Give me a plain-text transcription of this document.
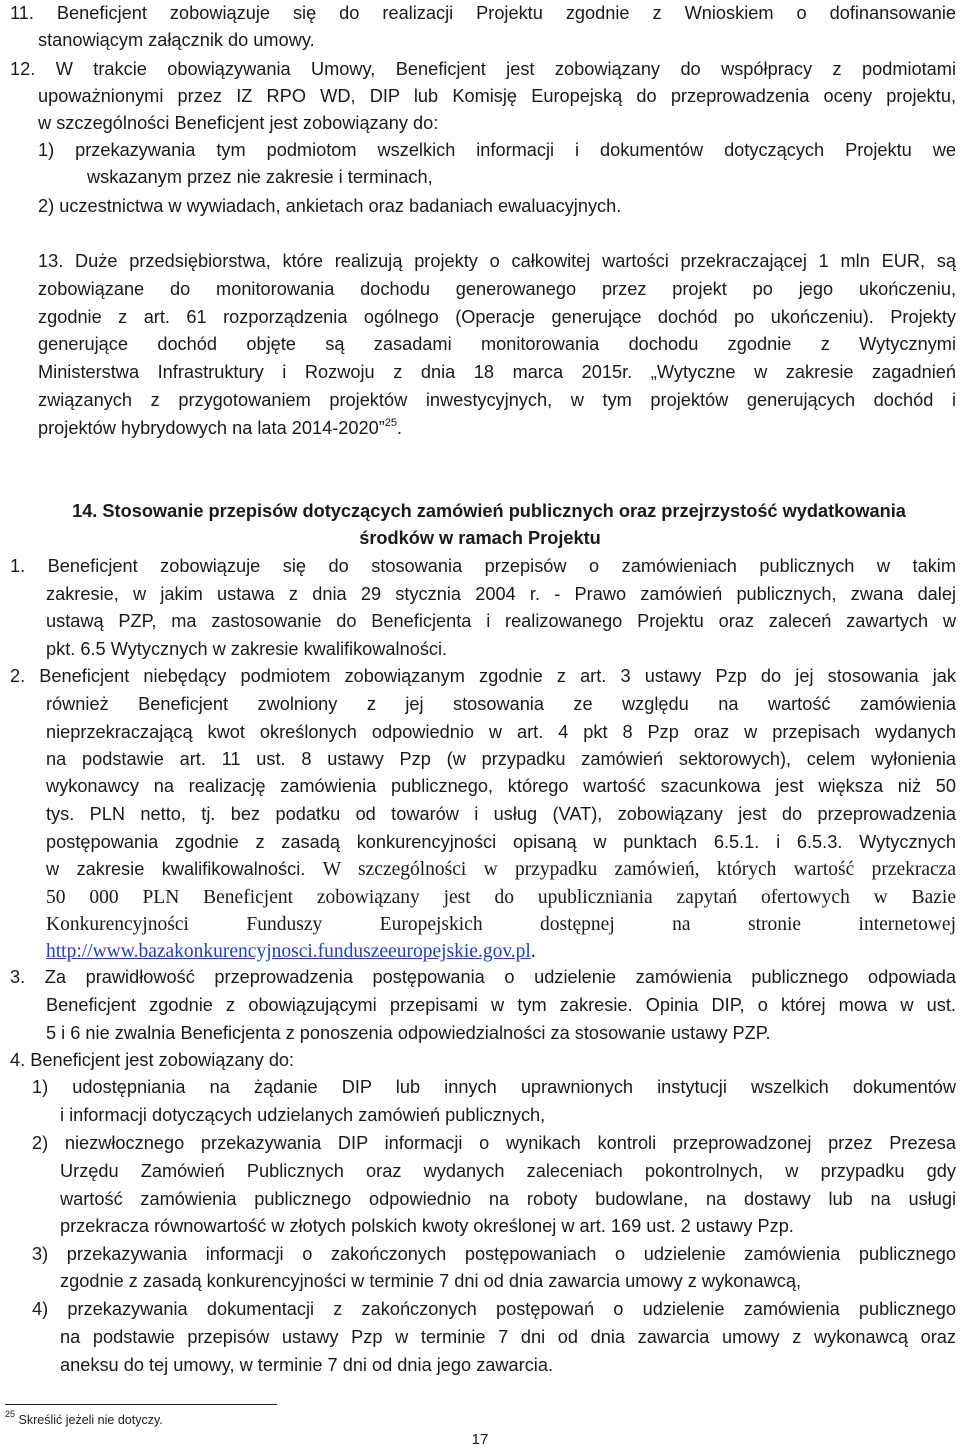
11. Beneficjent zobowiązuje się do realizacji Projektu zgodnie z Wnioskiem o dofinansowanie
stanowiącym załącznik do umowy.
12. W trakcie obowiązywania Umowy, Beneficjent jest zobowiązany do współpracy z podmiotami
upoważnionymi przez IZ RPO WD, DIP lub Komisję Europejską do przeprowadzenia oceny projektu,
w szczególności Beneficjent jest zobowiązany do:
1) przekazywania tym podmiotom wszelkich informacji i dokumentów dotyczących Projektu we
wskazanym przez nie zakresie i terminach,
2) uczestnictwa w wywiadach, ankietach oraz badaniach ewaluacyjnych.
13. Duże przedsiębiorstwa, które realizują projekty o całkowitej wartości przekraczającej 1 mln EUR, są
zobowiązane do monitorowania dochodu generowanego przez projekt po jego ukończeniu,
zgodnie z art. 61 rozporządzenia ogólnego (Operacje generujące dochód po ukończeniu). Projekty
generujące dochód objęte są zasadami monitorowania dochodu zgodnie z Wytycznymi
Ministerstwa Infrastruktury i Rozwoju z dnia 18 marca 2015r. „Wytyczne w zakresie zagadnień
związanych z przygotowaniem projektów inwestycyjnych, w tym projektów generujących dochód i
projektów hybrydowych na lata 2014-2020”$^{25}$.
14. Stosowanie przepisów dotyczących zamówień publicznych oraz przejrzystość wydatkowania
środków w ramach Projektu
1. Beneficjent zobowiązuje się do stosowania przepisów o zamówieniach publicznych w takim
zakresie, w jakim ustawa z dnia 29 stycznia 2004 r. - Prawo zamówień publicznych, zwana dalej
ustawą PZP, ma zastosowanie do Beneficjenta i realizowanego Projektu oraz zaleceń zawartych w
pkt. 6.5 Wytycznych w zakresie kwalifikowalności.
2. Beneficjent niebędący podmiotem zobowiązanym zgodnie z art. 3 ustawy Pzp do jej stosowania jak
również Beneficjent zwolniony z jej stosowania ze względu na wartość zamówienia
nieprzekraczającą kwot określonych odpowiednio w art. 4 pkt 8 Pzp oraz w przepisach wydanych
na podstawie art. 11 ust. 8 ustawy Pzp (w przypadku zamówień sektorowych), celem wyłonienia
wykonawcy na realizację zamówienia publicznego, którego wartość szacunkowa jest większa niż 50
tys. PLN netto, tj. bez podatku od towarów i usług (VAT), zobowiązany jest do przeprowadzenia
postępowania zgodnie z zasadą konkurencyjności opisaną w punktach 6.5.1. i 6.5.3. Wytycznych
w zakresie kwalifikowalności. W szczególności w przypadku zamówień, których wartość przekracza
50 000 PLN Beneficjent zobowiązany jest do upubliczniania zapytań ofertowych w Bazie
Konkurencyjności Funduszy Europejskich dostępnej na stronie internetowej
http://www.bazakonkurencyjnosci.funduszeeuropejskie.gov.pl.
3. Za prawidłowość przeprowadzenia postępowania o udzielenie zamówienia publicznego odpowiada
Beneficjent zgodnie z obowiązującymi przepisami w tym zakresie. Opinia DIP, o której mowa w ust.
5 i 6 nie zwalnia Beneficjenta z ponoszenia odpowiedzialności za stosowanie ustawy PZP.
4. Beneficjent jest zobowiązany do:
1) udostępniania na żądanie DIP lub innych uprawnionych instytucji wszelkich dokumentów
i informacji dotyczących udzielanych zamówień publicznych,
2) niezwłocznego przekazywania DIP informacji o wynikach kontroli przeprowadzonej przez Prezesa
Urzędu Zamówień Publicznych oraz wydanych zaleceniach pokontrolnych, w przypadku gdy
wartość zamówienia publicznego odpowiednio na roboty budowlane, na dostawy lub na usługi
przekracza równowartość w złotych polskich kwoty określonej w art. 169 ust. 2 ustawy Pzp.
3) przekazywania informacji o zakończonych postępowaniach o udzielenie zamówienia publicznego
zgodnie z zasadą konkurencyjności w terminie 7 dni od dnia zawarcia umowy z wykonawcą,
4) przekazywania dokumentacji z zakończonych postępowań o udzielenie zamówienia publicznego
na podstawie przepisów ustawy Pzp w terminie 7 dni od dnia zawarcia umowy z wykonawcą oraz
aneksu do tej umowy, w terminie 7 dni od dnia jego zawarcia.
$^{25}$ Skreślić jeżeli nie dotyczy.
17
